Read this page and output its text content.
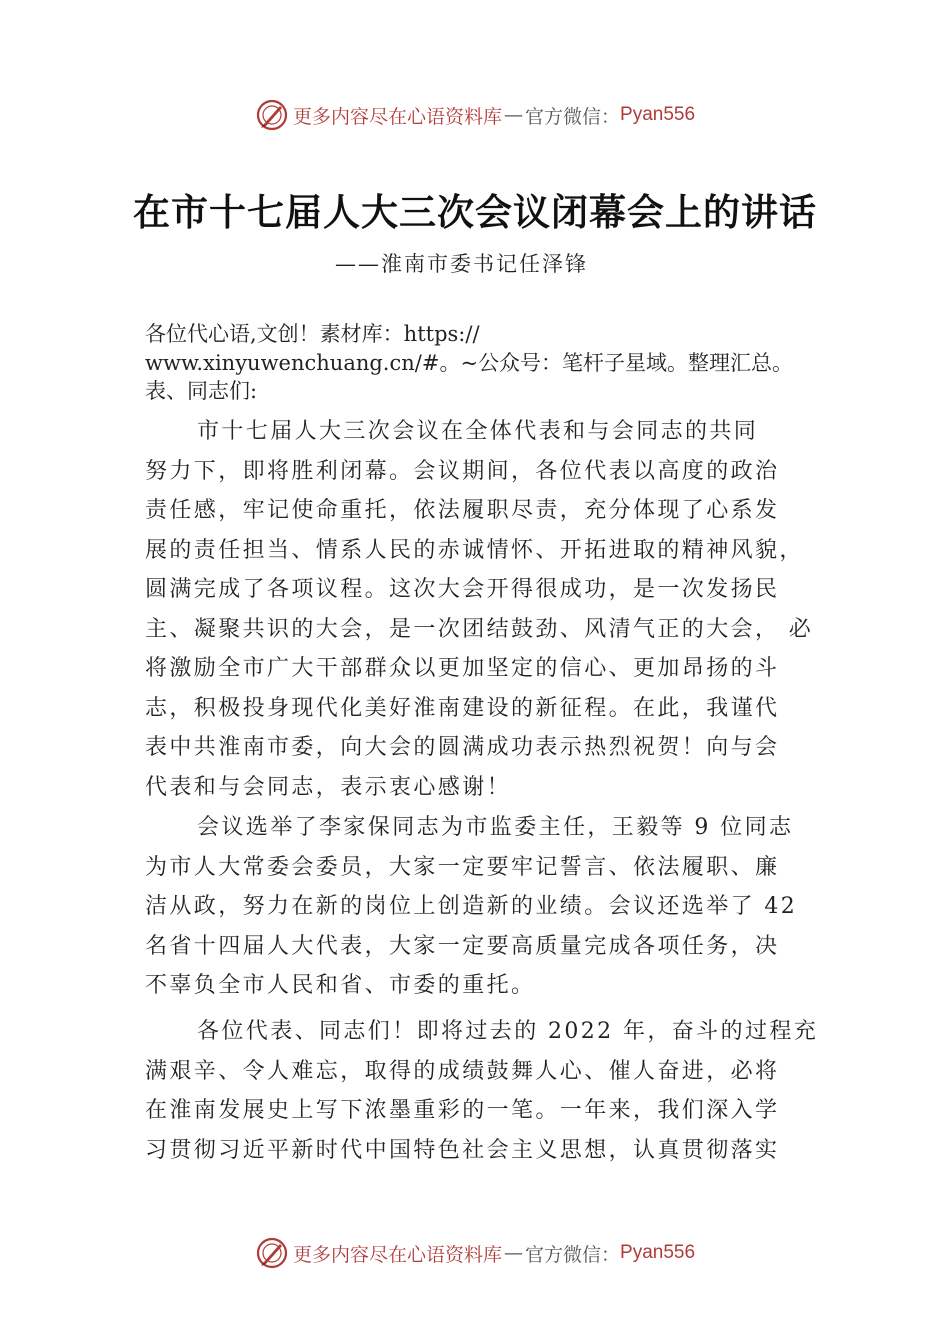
更多内容尽在心语资料库 — 官方微信 ： Pyan556
在市十七届人大三次会议闭幕会上的讲话
——淮南市委书记任泽锋
各位代心语,文创！素材库：https://
www.xinyuwenchuang.cn/#。~公众号：笔杆子星域。整理汇总。
表、同志们:
市十七届人大三次会议在全体代表和与会同志的共同
努力下，即将胜利闭幕。会议期间，各位代表以高度的政治
责任感，牢记使命重托，依法履职尽责，充分体现了心系发
展的责任担当、情系人民的赤诚情怀、开拓进取的精神风貌，
圆满完成了各项议程。这次大会开得很成功，是一次发扬民
主、凝聚共识的大会，是一次团结鼓劲、风清气正的大会， 必
将激励全市广大干部群众以更加坚定的信心、更加昂扬的斗
志，积极投身现代化美好淮南建设的新征程。在此，我谨代
表中共淮南市委，向大会的圆满成功表示热烈祝贺！向与会
代表和与会同志，表示衷心感谢！
会议选举了李家保同志为市监委主任，王毅等 9 位同志
为市人大常委会委员，大家一定要牢记誓言、依法履职、廉
洁从政，努力在新的岗位上创造新的业绩。会议还选举了 42
名省十四届人大代表，大家一定要高质量完成各项任务，决
不辜负全市人民和省、市委的重托。
各位代表、同志们！即将过去的 2022 年，奋斗的过程充
满艰辛、令人难忘，取得的成绩鼓舞人心、催人奋进，必将
在淮南发展史上写下浓墨重彩的一笔。一年来，我们深入学
习贯彻习近平新时代中国特色社会主义思想，认真贯彻落实
更多内容尽在心语资料库 — 官方微信 ： Pyan556
